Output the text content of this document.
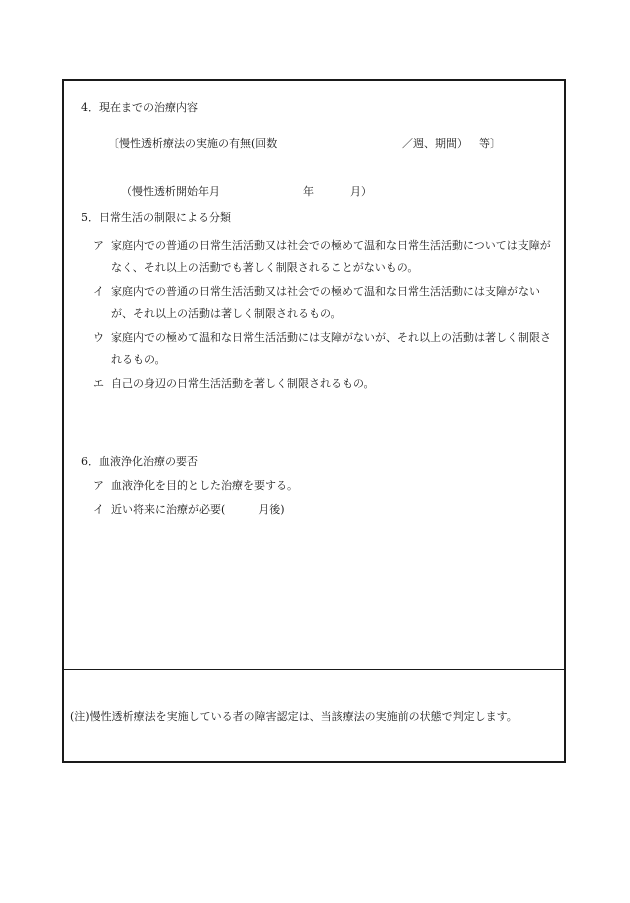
4．現在までの治療内容
〔慢性透析療法の実施の有無(回数	／週、期間） 等〕
（慢性透析開始年月	年	月）
5．日常生活の制限による分類
ア 家庭内での普通の日常生活活動又は社会での極めて温和な日常生活活動については支障がなく、それ以上の活動でも著しく制限されることがないもの。
イ 家庭内での普通の日常生活活動又は社会での極めて温和な日常生活活動には支障がないが、それ以上の活動は著しく制限されるもの。
ウ 家庭内での極めて温和な日常生活活動には支障がないが、それ以上の活動は著しく制限されるもの。
エ 自己の身辺の日常生活活動を著しく制限されるもの。
6．血液浄化治療の要否
ア 血液浄化を目的とした治療を要する。
イ 近い将来に治療が必要(　　　月後)
(注)慢性透析療法を実施している者の障害認定は、当該療法の実施前の状態で判定します。
